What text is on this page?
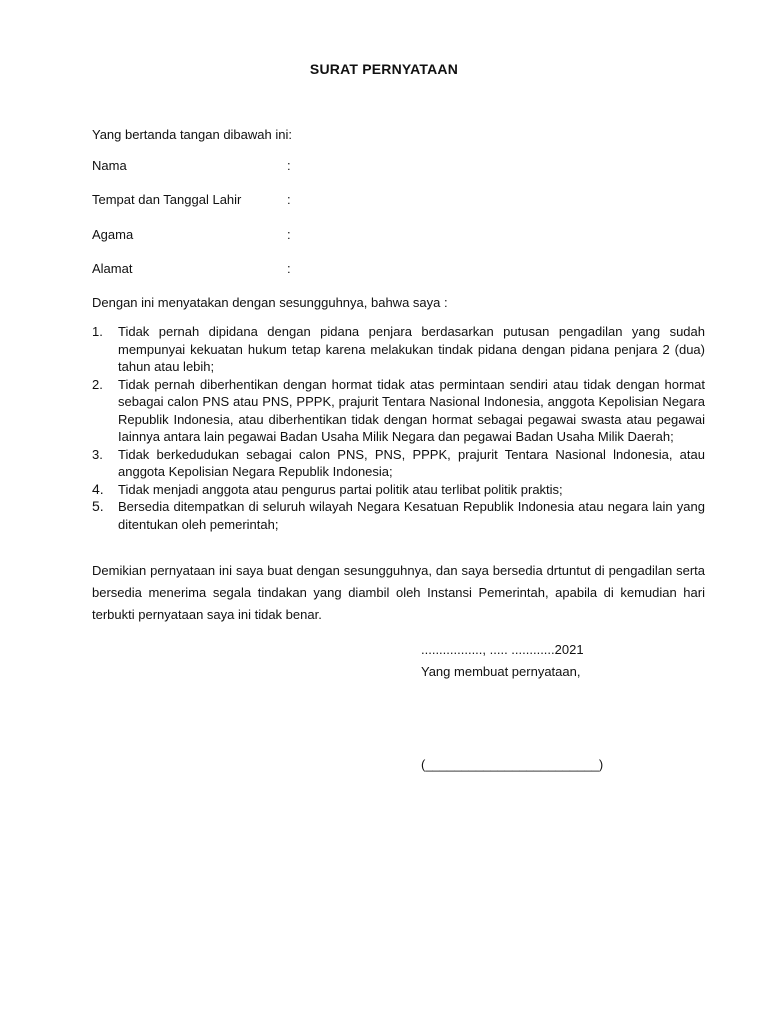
SURAT PERNYATAAN
Yang bertanda tangan dibawah ini:
Nama	:
Tempat dan Tanggal Lahir	:
Agama	:
Alamat	:
Dengan ini menyatakan dengan sesungguhnya, bahwa saya :
1. Tidak pernah dipidana dengan pidana penjara berdasarkan putusan pengadilan yang sudah mempunyai kekuatan hukum tetap karena melakukan tindak pidana dengan pidana penjara 2 (dua) tahun atau lebih;
2. Tidak pernah diberhentikan dengan hormat tidak atas permintaan sendiri atau tidak dengan hormat sebagai calon PNS atau PNS, PPPK, prajurit Tentara Nasional Indonesia, anggota Kepolisian Negara Republik Indonesia, atau diberhentikan tidak dengan hormat sebagai pegawai swasta atau pegawai Iainnya antara lain pegawai Badan Usaha Milik Negara dan pegawai Badan Usaha Milik Daerah;
3. Tidak berkedudukan sebagai calon PNS, PNS, PPPK, prajurit Tentara Nasional lndonesia, atau anggota Kepolisian Negara Republik Indonesia;
4. Tidak menjadi anggota atau pengurus partai politik atau terlibat politik praktis;
5. Bersedia ditempatkan di seluruh wilayah Negara Kesatuan Republik Indonesia atau negara lain yang ditentukan oleh pemerintah;
Demikian pernyataan ini saya buat dengan sesungguhnya, dan saya bersedia drtuntut di pengadilan serta bersedia menerima segala tindakan yang diambil oleh Instansi Pemerintah, apabila di kemudian hari terbukti pernyataan saya ini tidak benar.
................., ..... ............2021
Yang membuat pernyataan,
(________________________)
